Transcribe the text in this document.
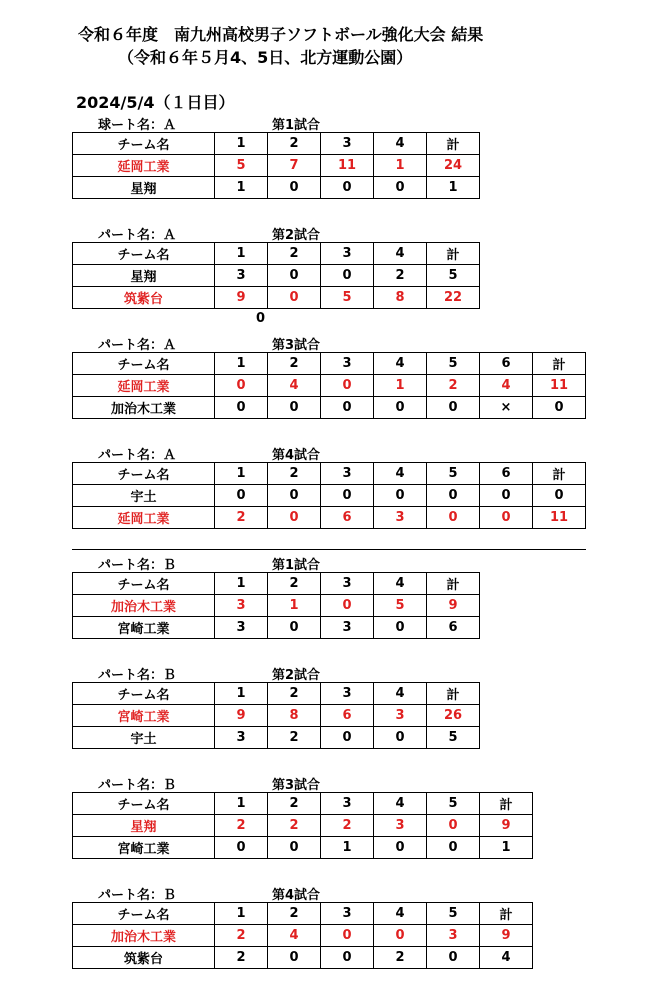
令和６年度　南九州高校男子ソフトボール強化大会 結果
（令和６年５月4、5日、北方運動公園）
2024/5/4（１日目）
0
球ート名：Ａ	第1試合
チーム名	1	2	3	4	計
延岡工業	5	7	11	1	24
星翔	1	0	0	0	1
パート名：Ａ	第2試合
チーム名	1	2	3	4	計
星翔	3	0	0	2	5
筑紫台	9	0	5	8	22
パート名：Ａ	第3試合
チーム名	1	2	3	4	5	6	計
延岡工業	0	4	0	1	2	4	11
加治木工業	0	0	0	0	0	×	0
パート名：Ａ	第4試合
チーム名	1	2	3	4	5	6	計
宇土	0	0	0	0	0	0	0
延岡工業	2	0	6	3	0	0	11
パート名：Ｂ	第1試合
チーム名	1	2	3	4	計
加治木工業	3	1	0	5	9
宮崎工業	3	0	3	0	6
パート名：Ｂ	第2試合
チーム名	1	2	3	4	計
宮崎工業	9	8	6	3	26
宇土	3	2	0	0	5
パート名：Ｂ	第3試合
チーム名	1	2	3	4	5	計
星翔	2	2	2	3	0	9
宮崎工業	0	0	1	0	0	1
パート名：Ｂ	第4試合
チーム名	1	2	3	4	5	計
加治木工業	2	4	0	0	3	9
筑紫台	2	0	0	2	0	4
